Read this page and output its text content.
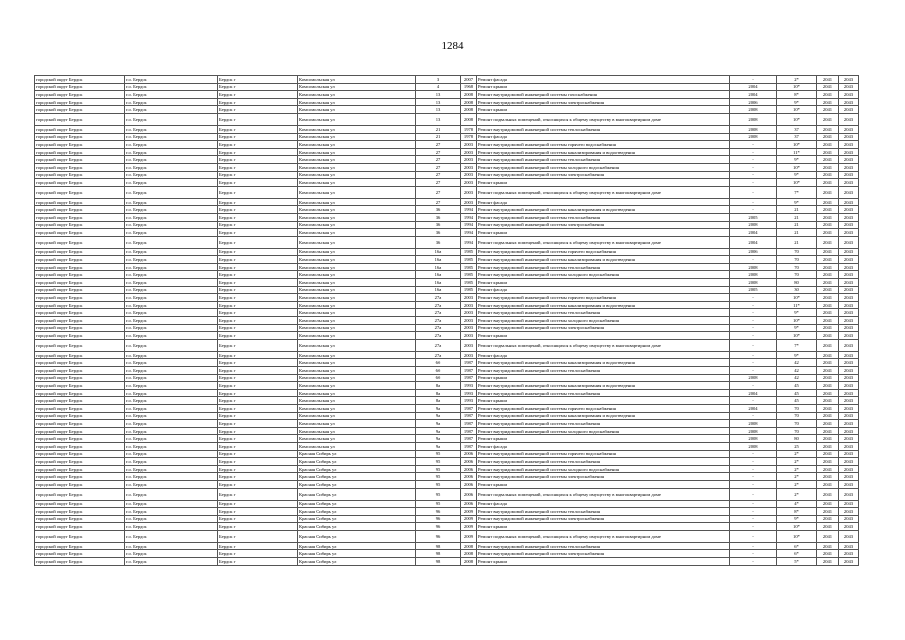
1284
городской округ Бердск	г.о. Бердск	Бердск г	Комсомольская ул	3	2007	Ремонт фасада	-	2*	2041	2043
городской округ Бердск	г.о. Бердск	Бердск г	Комсомольская ул	4	1968	Ремонт крыши	2004	10*	2041	2043
городской округ Бердск	г.о. Бердск	Бердск г	Комсомольская ул	13	2008	Ремонт внутридомовой инженерной системы газоснабжения	2004	8*	2041	2043
городской округ Бердск	г.о. Бердск	Бердск г	Комсомольская ул	13	2008	Ремонт внутридомовой инженерной системы электроснабжения	2006	9*	2041	2043
городской округ Бердск	г.о. Бердск	Бердск г	Комсомольская ул	13	2008	Ремонт крыши	2008	10*	2041	2043
городской округ Бердск	г.о. Бердск	Бердск г	Комсомольская ул	13	2008	Ремонт подвальных помещений, относящихся к общему имуществу в многоквартирном доме	2008	10*	2041	2043
городской округ Бердск	г.о. Бердск	Бердск г	Комсомольская ул	21	1978	Ремонт внутридомовой инженерной системы теплоснабжения	2008	37	2041	2043
городской округ Бердск	г.о. Бердск	Бердск г	Комсомольская ул	21	1978	Ремонт фасада	2008	37	2041	2043
городской округ Бердск	г.о. Бердск	Бердск г	Комсомольская ул	27	2003	Ремонт внутридомовой инженерной системы горячего водоснабжения	-	10*	2041	2043
городской округ Бердск	г.о. Бердск	Бердск г	Комсомольская ул	27	2003	Ремонт внутридомовой инженерной системы канализирования и водоотведения	-	11*	2041	2043
городской округ Бердск	г.о. Бердск	Бердск г	Комсомольская ул	27	2003	Ремонт внутридомовой инженерной системы теплоснабжения	-	9*	2041	2043
городской округ Бердск	г.о. Бердск	Бердск г	Комсомольская ул	27	2003	Ремонт внутридомовой инженерной системы холодного водоснабжения	-	10*	2041	2043
городской округ Бердск	г.о. Бердск	Бердск г	Комсомольская ул	27	2003	Ремонт внутридомовой инженерной системы электроснабжения	-	9*	2041	2043
городской округ Бердск	г.о. Бердск	Бердск г	Комсомольская ул	27	2003	Ремонт крыши	-	10*	2041	2043
городской округ Бердск	г.о. Бердск	Бердск г	Комсомольская ул	27	2003	Ремонт подвальных помещений, относящихся к общему имуществу в многоквартирном доме	-	7*	2041	2043
городской округ Бердск	г.о. Бердск	Бердск г	Комсомольская ул	27	2003	Ремонт фасада	-	9*	2041	2043
городской округ Бердск	г.о. Бердск	Бердск г	Комсомольская ул	36	1994	Ремонт внутридомовой инженерной системы канализирования и водоотведения	-	21	2041	2043
городской округ Бердск	г.о. Бердск	Бердск г	Комсомольская ул	36	1994	Ремонт внутридомовой инженерной системы теплоснабжения	2005	21	2041	2043
городской округ Бердск	г.о. Бердск	Бердск г	Комсомольская ул	36	1994	Ремонт внутридомовой инженерной системы электроснабжения	2008	21	2041	2043
городской округ Бердск	г.о. Бердск	Бердск г	Комсомольская ул	36	1994	Ремонт крыши	2004	21	2041	2043
городской округ Бердск	г.о. Бердск	Бердск г	Комсомольская ул	36	1994	Ремонт подвальных помещений, относящихся к общему имуществу в многоквартирном доме	2004	21	2041	2043
городской округ Бердск	г.о. Бердск	Бердск г	Комсомольская ул	16а	1985	Ремонт внутридомовой инженерной системы горячего водоснабжения	2006	70	2041	2043
городской округ Бердск	г.о. Бердск	Бердск г	Комсомольская ул	16а	1985	Ремонт внутридомовой инженерной системы канализирования и водоотведения	-	70	2041	2043
городской округ Бердск	г.о. Бердск	Бердск г	Комсомольская ул	16а	1985	Ремонт внутридомовой инженерной системы теплоснабжения	2008	70	2041	2043
городской округ Бердск	г.о. Бердск	Бердск г	Комсомольская ул	16а	1985	Ремонт внутридомовой инженерной системы холодного водоснабжения	2008	70	2041	2043
городской округ Бердск	г.о. Бердск	Бердск г	Комсомольская ул	16а	1985	Ремонт крыши	2008	80	2041	2043
городской округ Бердск	г.о. Бердск	Бердск г	Комсомольская ул	16а	1985	Ремонт фасада	2005	30	2041	2043
городской округ Бердск	г.о. Бердск	Бердск г	Комсомольская ул	27а	2003	Ремонт внутридомовой инженерной системы горячего водоснабжения	-	10*	2041	2043
городской округ Бердск	г.о. Бердск	Бердск г	Комсомольская ул	27а	2003	Ремонт внутридомовой инженерной системы канализирования и водоотведения	-	11*	2041	2043
городской округ Бердск	г.о. Бердск	Бердск г	Комсомольская ул	27а	2003	Ремонт внутридомовой инженерной системы теплоснабжения	-	9*	2041	2043
городской округ Бердск	г.о. Бердск	Бердск г	Комсомольская ул	27а	2003	Ремонт внутридомовой инженерной системы холодного водоснабжения	-	10*	2041	2043
городской округ Бердск	г.о. Бердск	Бердск г	Комсомольская ул	27а	2003	Ремонт внутридомовой инженерной системы электроснабжения	-	9*	2041	2043
городской округ Бердск	г.о. Бердск	Бердск г	Комсомольская ул	27а	2003	Ремонт крыши	-	10*	2041	2043
городской округ Бердск	г.о. Бердск	Бердск г	Комсомольская ул	27а	2003	Ремонт подвальных помещений, относящихся к общему имуществу в многоквартирном доме	-	7*	2041	2043
городской округ Бердск	г.о. Бердск	Бердск г	Комсомольская ул	27а	2003	Ремонт фасада	-	9*	2041	2043
городской округ Бердск	г.о. Бердск	Бердск г	Комсомольская ул	6б	1987	Ремонт внутридомовой инженерной системы канализирования и водоотведения	-	42	2041	2043
городской округ Бердск	г.о. Бердск	Бердск г	Комсомольская ул	6б	1987	Ремонт внутридомовой инженерной системы теплоснабжения	-	42	2041	2043
городской округ Бердск	г.о. Бердск	Бердск г	Комсомольская ул	6б	1987	Ремонт крыши	2008	42	2041	2043
городской округ Бердск	г.о. Бердск	Бердск г	Комсомольская ул	8а	1993	Ремонт внутридомовой инженерной системы канализирования и водоотведения	-	45	2041	2043
городской округ Бердск	г.о. Бердск	Бердск г	Комсомольская ул	8а	1993	Ремонт внутридомовой инженерной системы теплоснабжения	2004	45	2041	2043
городской округ Бердск	г.о. Бердск	Бердск г	Комсомольская ул	8а	1993	Ремонт крыши	-	45	2041	2043
городской округ Бердск	г.о. Бердск	Бердск г	Комсомольская ул	9а	1987	Ремонт внутридомовой инженерной системы горячего водоснабжения	2004	70	2041	2043
городской округ Бердск	г.о. Бердск	Бердск г	Комсомольская ул	9а	1987	Ремонт внутридомовой инженерной системы канализирования и водоотведения	-	70	2041	2043
городской округ Бердск	г.о. Бердск	Бердск г	Комсомольская ул	9а	1987	Ремонт внутридомовой инженерной системы теплоснабжения	2008	70	2041	2043
городской округ Бердск	г.о. Бердск	Бердск г	Комсомольская ул	9а	1987	Ремонт внутридомовой инженерной системы холодного водоснабжения	2008	70	2041	2043
городской округ Бердск	г.о. Бердск	Бердск г	Комсомольская ул	9а	1987	Ремонт крыши	2008	80	2041	2043
городской округ Бердск	г.о. Бердск	Бердск г	Комсомольская ул	9а	1987	Ремонт фасада	2008	25	2041	2043
городской округ Бердск	г.о. Бердск	Бердск г	Красная Сибирь ул	95	2006	Ремонт внутридомовой инженерной системы горячего водоснабжения	-	2*	2041	2043
городской округ Бердск	г.о. Бердск	Бердск г	Красная Сибирь ул	95	2006	Ремонт внутридомовой инженерной системы теплоснабжения	-	2*	2041	2043
городской округ Бердск	г.о. Бердск	Бердск г	Красная Сибирь ул	95	2006	Ремонт внутридомовой инженерной системы холодного водоснабжения	-	2*	2041	2043
городской округ Бердск	г.о. Бердск	Бердск г	Красная Сибирь ул	95	2006	Ремонт внутридомовой инженерной системы электроснабжения	-	2*	2041	2043
городской округ Бердск	г.о. Бердск	Бердск г	Красная Сибирь ул	95	2006	Ремонт крыши	-	2*	2041	2043
городской округ Бердск	г.о. Бердск	Бердск г	Красная Сибирь ул	95	2006	Ремонт подвальных помещений, относящихся к общему имуществу в многоквартирном доме	-	2*	2041	2043
городской округ Бердск	г.о. Бердск	Бердск г	Красная Сибирь ул	95	2006	Ремонт фасада	-	4*	2041	2043
городской округ Бердск	г.о. Бердск	Бердск г	Красная Сибирь ул	96	2009	Ремонт внутридомовой инженерной системы теплоснабжения	-	8*	2041	2043
городской округ Бердск	г.о. Бердск	Бердск г	Красная Сибирь ул	96	2009	Ремонт внутридомовой инженерной системы электроснабжения	-	9*	2041	2043
городской округ Бердск	г.о. Бердск	Бердск г	Красная Сибирь ул	96	2009	Ремонт крыши	-	10*	2041	2043
городской округ Бердск	г.о. Бердск	Бердск г	Красная Сибирь ул	96	2009	Ремонт подвальных помещений, относящихся к общему имуществу в многоквартирном доме	-	10*	2041	2043
городской округ Бердск	г.о. Бердск	Бердск г	Красная Сибирь ул	98	2008	Ремонт внутридомовой инженерной системы теплоснабжения	-	6*	2041	2043
городской округ Бердск	г.о. Бердск	Бердск г	Красная Сибирь ул	98	2008	Ремонт внутридомовой инженерной системы электроснабжения	-	6*	2041	2043
городской округ Бердск	г.о. Бердск	Бердск г	Красная Сибирь ул	98	2008	Ремонт крыши	-	5*	2041	2043
